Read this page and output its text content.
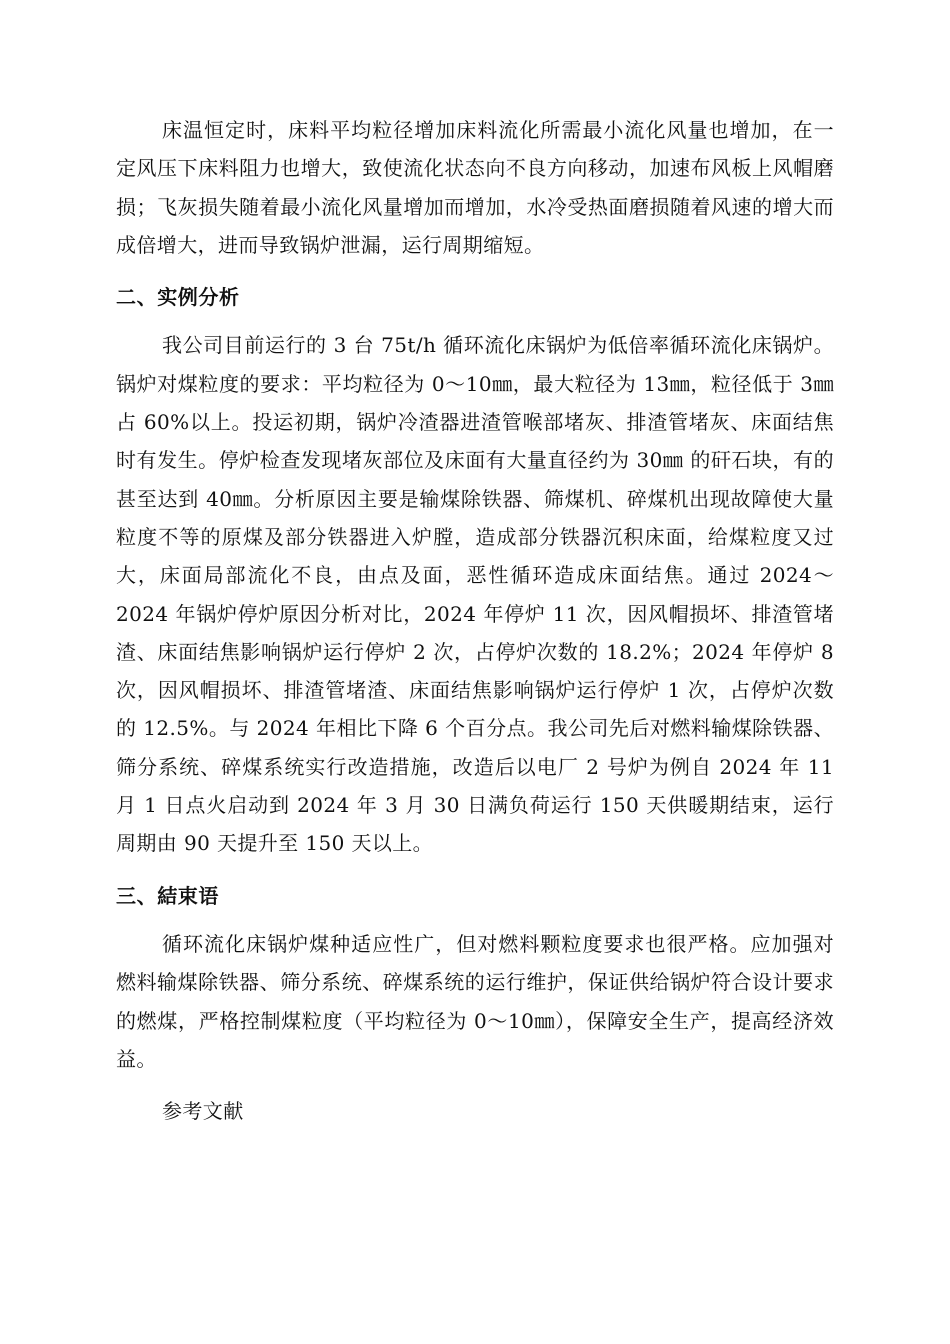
床温恒定时，床料平均粒径增加床料流化所需最小流化风量也增加，在一定风压下床料阻力也增大，致使流化状态向不良方向移动，加速布风板上风帽磨损；飞灰损失随着最小流化风量增加而增加，水冷受热面磨损随着风速的增大而成倍增大，进而导致锅炉泄漏，运行周期缩短。

二、实例分析

我公司目前运行的 3 台 75t/h 循环流化床锅炉为低倍率循环流化床锅炉。锅炉对煤粒度的要求：平均粒径为 0～10㎜，最大粒径为 13㎜，粒径低于 3㎜ 占 60%以上。投运初期，锅炉冷渣器进渣管喉部堵灰、排渣管堵灰、床面结焦时有发生。停炉检查发现堵灰部位及床面有大量直径约为 30㎜ 的矸石块，有的甚至达到 40㎜。分析原因主要是输煤除铁器、筛煤机、碎煤机出现故障使大量粒度不等的原煤及部分铁器进入炉膛，造成部分铁器沉积床面，给煤粒度又过大，床面局部流化不良，由点及面，恶性循环造成床面结焦。通过 2024～2024 年锅炉停炉原因分析对比，2024 年停炉 11 次，因风帽损坏、排渣管堵渣、床面结焦影响锅炉运行停炉 2 次，占停炉次数的 18.2%；2024 年停炉 8 次，因风帽损坏、排渣管堵渣、床面结焦影响锅炉运行停炉 1 次，占停炉次数的 12.5%。与 2024 年相比下降 6 个百分点。我公司先后对燃料输煤除铁器、筛分系统、碎煤系统实行改造措施，改造后以电厂 2 号炉为例自 2024 年 11 月 1 日点火启动到 2024 年 3 月 30 日满负荷运行 150 天供暖期结束，运行周期由 90 天提升至 150 天以上。

三、結束语

循环流化床锅炉煤种适应性广，但对燃料颗粒度要求也很严格。应加强对燃料输煤除铁器、筛分系统、碎煤系统的运行维护，保证供给锅炉符合设计要求的燃煤，严格控制煤粒度（平均粒径为 0～10㎜），保障安全生产，提高经济效益。

参考文献
